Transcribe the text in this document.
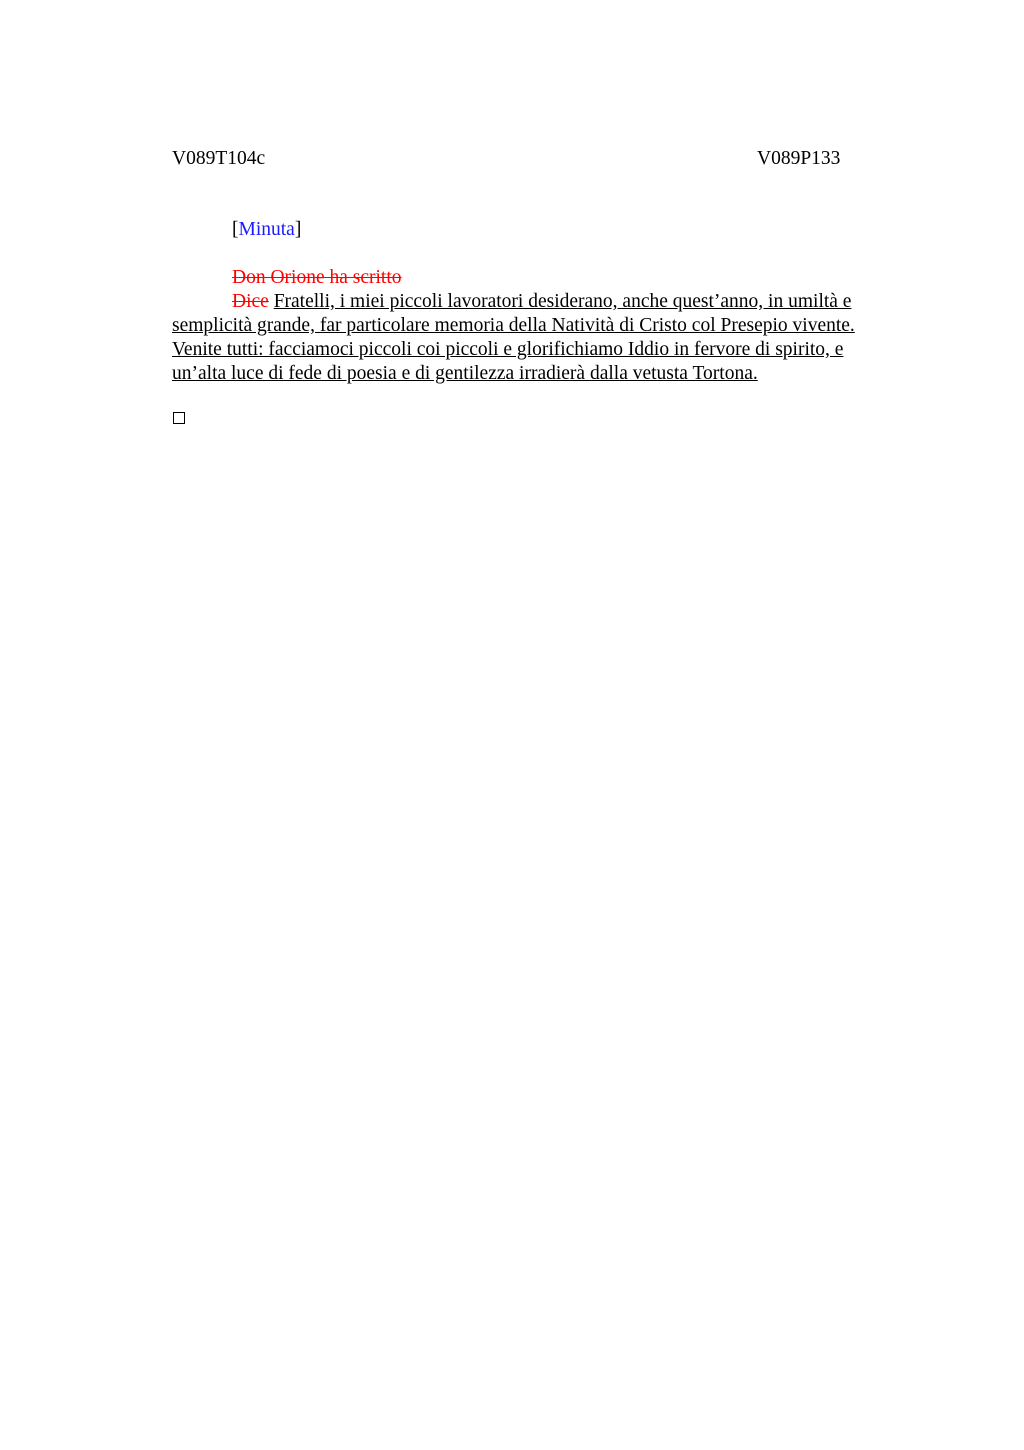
V089T104c	V089P133
[Minuta]
Don Orione ha scritto
Dice Fratelli, i miei piccoli lavoratori desiderano, anche quest’anno, in umiltà e
semplicità grande, far particolare memoria della Natività di Cristo col Presepio vivente.
Venite tutti: facciamoci piccoli coi piccoli e glorifichiamo Iddio in fervore di spirito, e
un’alta luce di fede di poesia e di gentilezza irradierà dalla vetusta Tortona.
